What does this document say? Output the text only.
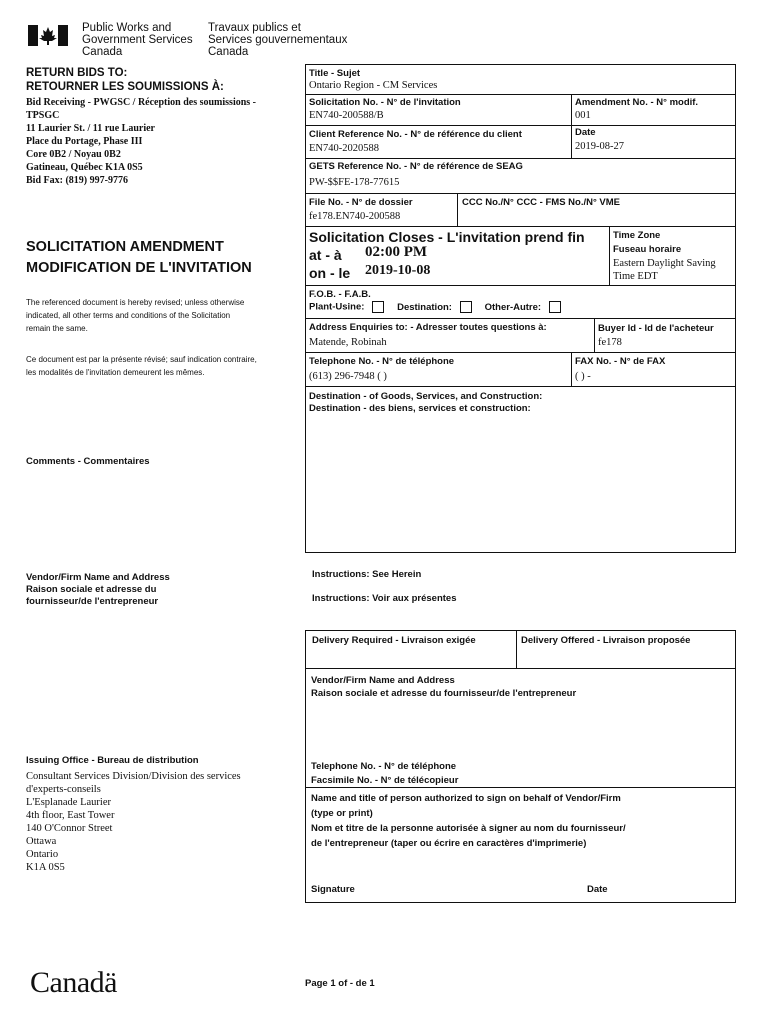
Public Works and
Government Services
Canada
Travaux publics et
Services gouvernementaux
Canada
RETURN BIDS TO:
RETOURNER LES SOUMISSIONS À:
Bid Receiving - PWGSC / Réception des soumissions -
TPSGC
11 Laurier St. / 11 rue Laurier
Place du Portage, Phase III
Core 0B2 / Noyau 0B2
Gatineau, Québec K1A 0S5
Bid Fax: (819) 997-9776
SOLICITATION AMENDMENT
MODIFICATION DE L'INVITATION
The referenced document is hereby revised; unless otherwise
indicated, all other terms and conditions of the Solicitation
remain the same.
Ce document est par la présente révisé; sauf indication contraire,
les modalités de l'invitation demeurent les mêmes.
Comments - Commentaires
Vendor/Firm Name and Address
Raison sociale et adresse du
fournisseur/de l'entrepreneur
Issuing Office - Bureau de distribution
Consultant Services Division/Division des services
d'experts-conseils
L'Esplanade Laurier
4th floor, East Tower
140 O'Connor Street
Ottawa
Ontario
K1A 0S5
Title - Sujet
Ontario Region - CM Services
Solicitation No. - N° de l'invitation
EN740-200588/B
Amendment No. - N° modif.
001
Client Reference No. - N° de référence du client
EN740-2020588
Date
2019-08-27
GETS Reference No. - N° de référence de SEAG
PW-$$FE-178-77615
File No. - N° de dossier
fe178.EN740-200588
CCC No./N° CCC - FMS No./N° VME
Solicitation Closes - L'invitation prend fin
at - à 02:00 PM
on - le 2019-10-08
Time Zone
Fuseau horaire
Eastern Daylight Saving
Time EDT
F.O.B. - F.A.B.
Plant-Usine:	Destination:	Other-Autre:
Address Enquiries to: - Adresser toutes questions à:
Matende, Robinah
Buyer Id - Id de l'acheteur
fe178
Telephone No. - N° de téléphone
(613) 296-7948 ( )
FAX No. - N° de FAX
( ) -
Destination - of Goods, Services, and Construction:
Destination - des biens, services et construction:
Instructions: See Herein
Instructions: Voir aux présentes
Delivery Required - Livraison exigée	Delivery Offered - Livraison proposée
Vendor/Firm Name and Address
Raison sociale et adresse du fournisseur/de l'entrepreneur
Telephone No. - N° de téléphone
Facsimile No. - N° de télécopieur
Name and title of person authorized to sign on behalf of Vendor/Firm
(type or print)
Nom et titre de la personne autorisée à signer au nom du fournisseur/
de l'entrepreneur (taper ou écrire en caractères d'imprimerie)
Signature	Date
Canadä	Page 1 of - de 1
